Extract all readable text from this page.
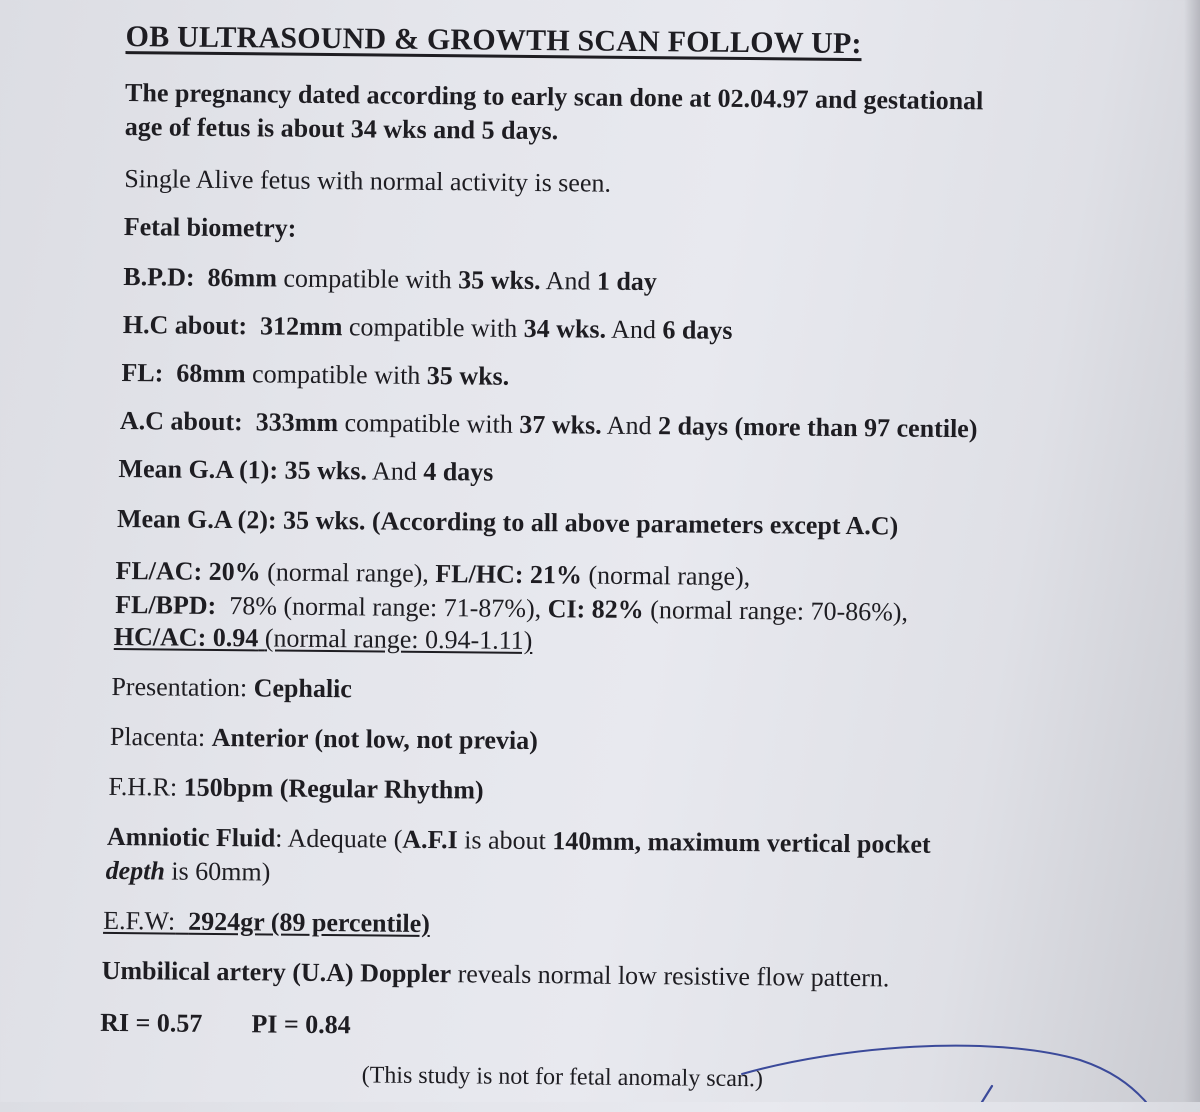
OB ULTRASOUND & GROWTH SCAN FOLLOW UP:
The pregnancy dated according to early scan done at 02.04.97 and gestational
age of fetus is about 34 wks and 5 days.
Single Alive fetus with normal activity is seen.
Fetal biometry:
B.P.D: 86mm compatible with 35 wks. And 1 day
H.C about: 312mm compatible with 34 wks. And 6 days
FL: 68mm compatible with 35 wks.
A.C about: 333mm compatible with 37 wks. And 2 days (more than 97 centile)
Mean G.A (1): 35 wks. And 4 days
Mean G.A (2): 35 wks. (According to all above parameters except A.C)
FL/AC: 20% (normal range), FL/HC: 21% (normal range),
FL/BPD: 78% (normal range: 71-87%), CI: 82% (normal range: 70-86%),
HC/AC: 0.94 (normal range: 0.94-1.11)
Presentation: Cephalic
Placenta: Anterior (not low, not previa)
F.H.R: 150bpm (Regular Rhythm)
Amniotic Fluid: Adequate (A.F.I is about 140mm, maximum vertical pocket
depth is 60mm)
E.F.W: 2924gr (89 percentile)
Umbilical artery (U.A) Doppler reveals normal low resistive flow pattern.
RI = 0.57 PI = 0.84
(This study is not for fetal anomaly scan.)
